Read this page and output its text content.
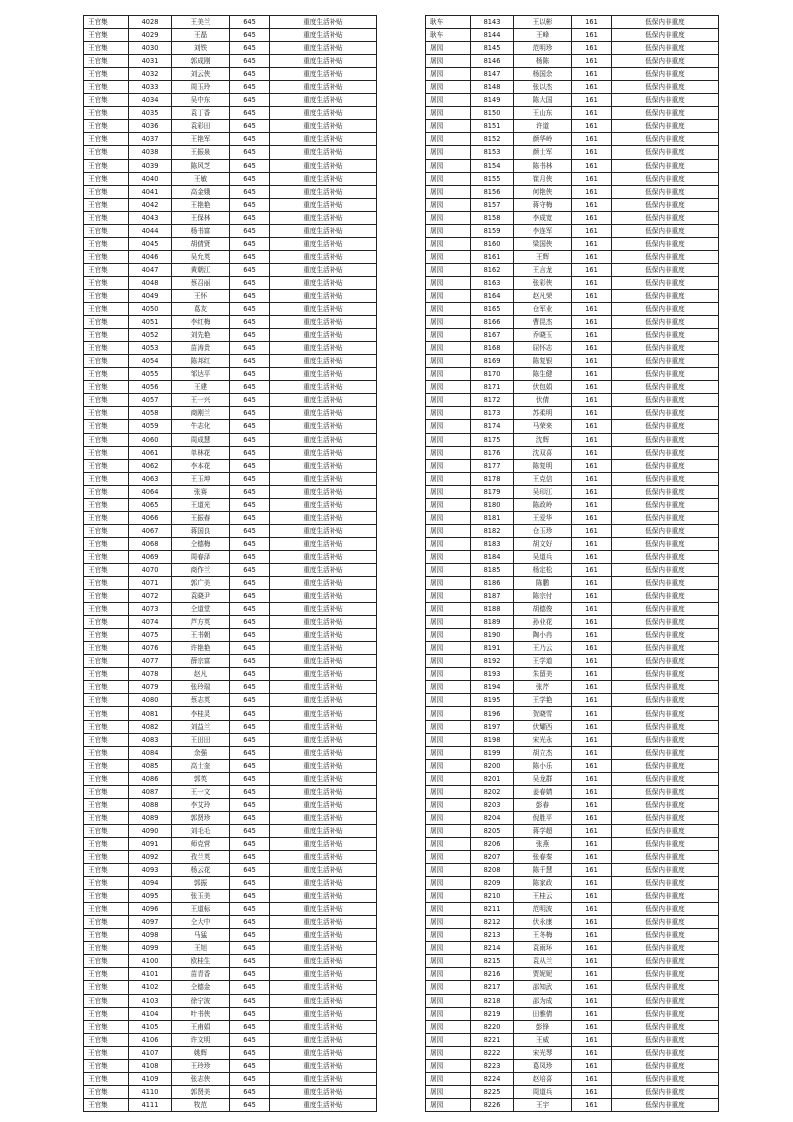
王官集	4028	王美兰	645	重度生活补贴
王官集	4029	王磊	645	重度生活补贴
王官集	4030	刘铁	645	重度生活补贴
王官集	4031	郭成刚	645	重度生活补贴
王官集	4032	刘云侠	645	重度生活补贴
王官集	4033	周玉玲	645	重度生活补贴
王官集	4034	吴中东	645	重度生活补贴
王官集	4035	袁丁香	645	重度生活补贴
王官集	4036	袁彩田	645	重度生活补贴
王官集	4037	王艳军	645	重度生活补贴
王官集	4038	王振泉	645	重度生活补贴
王官集	4039	陈风芝	645	重度生活补贴
王官集	4040	王敏	645	重度生活补贴
王官集	4041	高金娥	645	重度生活补贴
王官集	4042	王艳艳	645	重度生活补贴
王官集	4043	王保林	645	重度生活补贴
王官集	4044	杨书富	645	重度生活补贴
王官集	4045	胡倩贤	645	重度生活补贴
王官集	4046	吴允英	645	重度生活补贴
王官集	4047	黄朝江	645	重度生活补贴
王官集	4048	蔡召丽	645	重度生活补贴
王官集	4049	王怀	645	重度生活补贴
王官集	4050	葛友	645	重度生活补贴
王官集	4051	李红梅	645	重度生活补贴
王官集	4052	刘先艳	645	重度生活补贴
王官集	4053	苗涛贵	645	重度生活补贴
王官集	4054	陈邦红	645	重度生活补贴
王官集	4055	邹达平	645	重度生活补贴
王官集	4056	王建	645	重度生活补贴
王官集	4057	王一兴	645	重度生活补贴
王官集	4058	商刚兰	645	重度生活补贴
王官集	4059	牛志化	645	重度生活补贴
王官集	4060	周成慧	645	重度生活补贴
王官集	4061	单林花	645	重度生活补贴
王官集	4062	李本花	645	重度生活补贴
王官集	4063	王玉坤	645	重度生活补贴
王官集	4064	张赛	645	重度生活补贴
王官集	4065	王道光	645	重度生活补贴
王官集	4066	王振春	645	重度生活补贴
王官集	4067	蒋国良	645	重度生活补贴
王官集	4068	仝德梅	645	重度生活补贴
王官集	4069	周春泽	645	重度生活补贴
王官集	4070	商作兰	645	重度生活补贴
王官集	4071	郭广美	645	重度生活补贴
王官集	4072	袁晓尹	645	重度生活补贴
王官集	4073	仝道堂	645	重度生活补贴
王官集	4074	芦方英	645	重度生活补贴
王官集	4075	王书朝	645	重度生活补贴
王官集	4076	许艳艳	645	重度生活补贴
王官集	4077	薛宗富	645	重度生活补贴
王官集	4078	赵凡	645	重度生活补贴
王官集	4079	张玲瑞	645	重度生活补贴
王官集	4080	蔡志英	645	重度生活补贴
王官集	4081	李桂灵	645	重度生活补贴
王官集	4082	刘益兰	645	重度生活补贴
王官集	4083	王田田	645	重度生活补贴
王官集	4084	余强	645	重度生活补贴
王官集	4085	高士奎	645	重度生活补贴
王官集	4086	郭英	645	重度生活补贴
王官集	4087	王一文	645	重度生活补贴
王官集	4088	李艾玲	645	重度生活补贴
王官集	4089	郭贤珍	645	重度生活补贴
王官集	4090	刘毛毛	645	重度生活补贴
王官集	4091	师克营	645	重度生活补贴
王官集	4092	孜兰英	645	重度生活补贴
王官集	4093	杨云花	645	重度生活补贴
王官集	4094	郭振	645	重度生活补贴
王官集	4095	张玉美	645	重度生活补贴
王官集	4096	王道标	645	重度生活补贴
王官集	4097	仝大中	645	重度生活补贴
王官集	4098	马猛	645	重度生活补贴
王官集	4099	王旭	645	重度生活补贴
王官集	4100	欧桂生	645	重度生活补贴
王官集	4101	苗青香	645	重度生活补贴
王官集	4102	仝德金	645	重度生活补贴
王官集	4103	徐宁波	645	重度生活补贴
王官集	4104	叶书侠	645	重度生活补贴
王官集	4105	王甫娟	645	重度生活补贴
王官集	4106	许文明	645	重度生活补贴
王官集	4107	姚辉	645	重度生活补贴
王官集	4108	王玲珍	645	重度生活补贴
王官集	4109	张志侠	645	重度生活补贴
王官集	4110	郭贤美	645	重度生活补贴
王官集	4111	牧范	645	重度生活补贴
耿车	8143	王以彬	161	低保内非重度
耿车	8144	王峰	161	低保内非重度
屠园	8145	范明珍	161	低保内非重度
屠园	8146	杨陈	161	低保内非重度
屠园	8147	杨国余	161	低保内非重度
屠园	8148	张以杰	161	低保内非重度
屠园	8149	陈大国	161	低保内非重度
屠园	8150	王山东	161	低保内非重度
屠园	8151	许道	161	低保内非重度
屠园	8152	颜华岭	161	低保内非重度
屠园	8153	颜士军	161	低保内非重度
屠园	8154	陈书林	161	低保内非重度
屠园	8155	崔月侠	161	低保内非重度
屠园	8156	何艳侠	161	低保内非重度
屠园	8157	蒋守梅	161	低保内非重度
屠园	8158	李成宽	161	低保内非重度
屠园	8159	李连军	161	低保内非重度
屠园	8160	梁国侠	161	低保内非重度
屠园	8161	王辉	161	低保内非重度
屠园	8162	王言龙	161	低保内非重度
屠园	8163	张彩侠	161	低保内非重度
屠园	8164	赵凡荣	161	低保内非重度
屠园	8165	仓军业	161	低保内非重度
屠园	8166	曹昆杰	161	低保内非重度
屠园	8167	乔晓玉	161	低保内非重度
屠园	8168	屈怀志	161	低保内非重度
屠园	8169	陈复银	161	低保内非重度
屠园	8170	陈生健	161	低保内非重度
屠园	8171	伏包娟	161	低保内非重度
屠园	8172	伏倩	161	低保内非重度
屠园	8173	苏柔明	161	低保内非重度
屠园	8174	马荣来	161	低保内非重度
屠园	8175	沈辉	161	低保内非重度
屠园	8176	沈双喜	161	低保内非重度
屠园	8177	陈复明	161	低保内非重度
屠园	8178	王克信	161	低保内非重度
屠园	8179	吴印江	161	低保内非重度
屠园	8180	陈政岭	161	低保内非重度
屠园	8181	王爱华	161	低保内非重度
屠园	8182	仓玉珍	161	低保内非重度
屠园	8183	胡文好	161	低保内非重度
屠园	8184	吴道兵	161	低保内非重度
屠园	8185	杨定松	161	低保内非重度
屠园	8186	陈鹏	161	低保内非重度
屠园	8187	陈宗付	161	低保内非重度
屠园	8188	胡德俊	161	低保内非重度
屠园	8189	孙业花	161	低保内非重度
屠园	8190	陶小冉	161	低保内非重度
屠园	8191	王乃云	161	低保内非重度
屠园	8192	王学道	161	低保内非重度
屠园	8193	朱留美	161	低保内非重度
屠园	8194	张芹	161	低保内非重度
屠园	8195	王学艳	161	低保内非重度
屠园	8196	贺晓雪	161	低保内非重度
屠园	8197	伏耀西	161	低保内非重度
屠园	8198	宋光永	161	低保内非重度
屠园	8199	胡立杰	161	低保内非重度
屠园	8200	陈小乐	161	低保内非重度
屠园	8201	吴龙群	161	低保内非重度
屠园	8202	姜春婧	161	低保内非重度
屠园	8203	彭春	161	低保内非重度
屠园	8204	倪胜平	161	低保内非重度
屠园	8205	蒋学超	161	低保内非重度
屠园	8206	张燕	161	低保内非重度
屠园	8207	张春秦	161	低保内非重度
屠园	8208	陈千慧	161	低保内非重度
屠园	8209	陈家政	161	低保内非重度
屠园	8210	王桂云	161	低保内非重度
屠园	8211	范明波	161	低保内非重度
屠园	8212	伏永康	161	低保内非重度
屠园	8213	王冬梅	161	低保内非重度
屠园	8214	袁雨环	161	低保内非重度
屠园	8215	袁从兰	161	低保内非重度
屠园	8216	贾妮妮	161	低保内非重度
屠园	8217	邵知武	161	低保内非重度
屠园	8218	邵为成	161	低保内非重度
屠园	8219	田雅倩	161	低保内非重度
屠园	8220	彭锋	161	低保内非重度
屠园	8221	王威	161	低保内非重度
屠园	8222	宋光琴	161	低保内非重度
屠园	8223	葛凤珍	161	低保内非重度
屠园	8224	赵培喜	161	低保内非重度
屠园	8225	周道兵	161	低保内非重度
屠园	8226	王宇	161	低保内非重度
